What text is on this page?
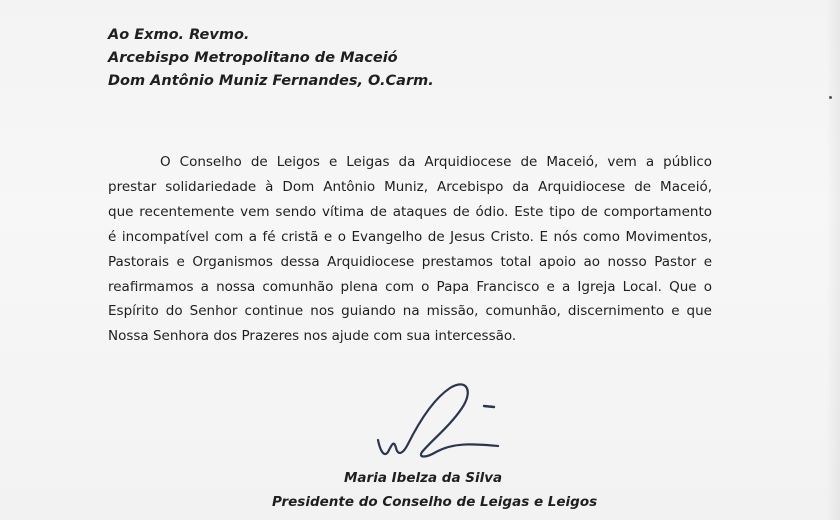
Ao Exmo. Revmo.
Arcebispo Metropolitano de Maceió
Dom Antônio Muniz Fernandes, O.Carm.
O Conselho de Leigos e Leigas da Arquidiocese de Maceió, vem a público
prestar solidariedade à Dom Antônio Muniz, Arcebispo da Arquidiocese de Maceió,
que recentemente vem sendo vítima de ataques de ódio. Este tipo de comportamento
é incompatível com a fé cristã e o Evangelho de Jesus Cristo. E nós como Movimentos,
Pastorais e Organismos dessa Arquidiocese prestamos total apoio ao nosso Pastor e
reafirmamos a nossa comunhão plena com o Papa Francisco e a Igreja Local. Que o
Espírito do Senhor continue nos guiando na missão, comunhão, discernimento e que
Nossa Senhora dos Prazeres nos ajude com sua intercessão.
Maria Ibelza da Silva
Presidente do Conselho de Leigas e Leigos
